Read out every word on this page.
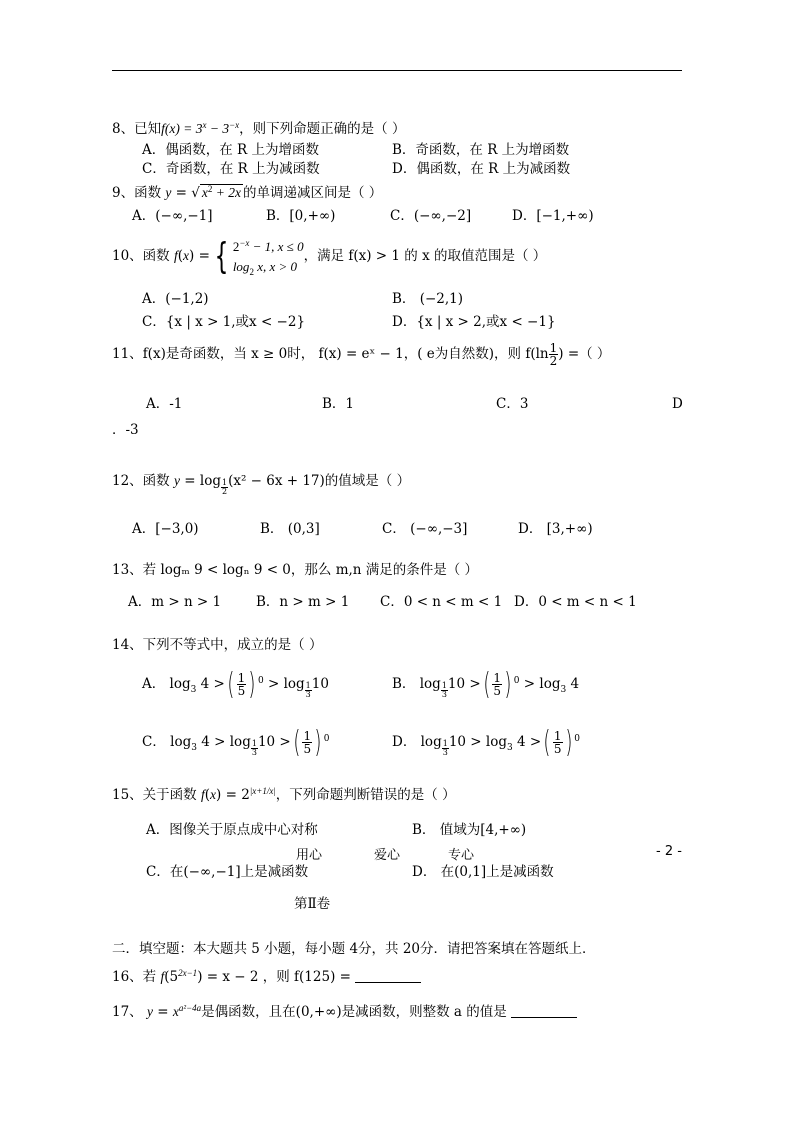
8、已知$f(x) = 3^x - 3^{-x}$，则下列命题正确的是（ ）
A．偶函数，在 R 上为增函数	B．奇函数，在 R 上为增函数
C．奇函数，在 R 上为减函数	D．偶函数，在 R 上为减函数
9、函数 y = √ $x^2 + 2x$ 的单调递减区间是（ ）
A．(−∞,−1]	B．[0,+∞)	C．(−∞,−2]	D．[−1,+∞)
10、函数 f(x) = { $2^{-x} - 1$, x ≤ 0
$\log_2 x$, x > 0，满足 f(x) > 1 的 x 的取值范围是（ ）
A．(−1,2)	B． (−2,1)
C．{x | x > 1,或x < −2}	D．{x | x > 2,或x < −1}
11、f(x)是奇函数，当 x ≥ 0时， f(x) = eˣ − 1，( e为自然数)，则 $f(\ln \frac{1}{2}$ ) =（ ）
A．-1	B．1	C．3	D
．-3
12、函数 $y = \log \frac{1}{2} (x^2 - 6x + 17)$的值域是（ ）
A．[−3,0)	B． (0,3]	C． (−∞,−3]	D． [3,+∞)
13、若 logₘ 9 < logₙ 9 < 0，那么 m,n 满足的条件是（ ）
A．m > n > 1	B．n > m > 1 C．0 < n < m < 1 D．0 < m < n < 1
14、下列不等式中，成立的是（ ）
A． $\log_3 4$ >( $\frac{1}{5}$ ) $^0 > \log \frac{1}{3} 10$	B． $\log \frac{1}{3} 10$ >( $\frac{1}{5}$ ) $^0 > \log_3 4$
C． $\log_3 4 > \log \frac{1}{3} 10$ >( $\frac{1}{5}$ ) $^0$	D． $\log \frac{1}{3} 10 > \log_3 4$ >( $\frac{1}{5}$ ) $^0$
15、关于函数 $f(x) = 2^{|x+1/x|}$，下列命题判断错误的是（ ）
A．图像关于原点成中心对称	B． 值域为[4,+∞)
C．在(−∞,−1]上是减函数	D． 在(0,1]上是减函数
第Ⅱ卷
二．填空题：本大题共 5 小题，每小题 4分，共 20分．请把答案填在答题纸上．
16、若 $f(5^{2x-1}) = x - 2$ ，则 f(125) =
17、 $y = x^{a^2-4a}$是偶函数，且在(0,+∞)是减函数，则整数 a 的值是
用心	爱心	专心	- 2 -
